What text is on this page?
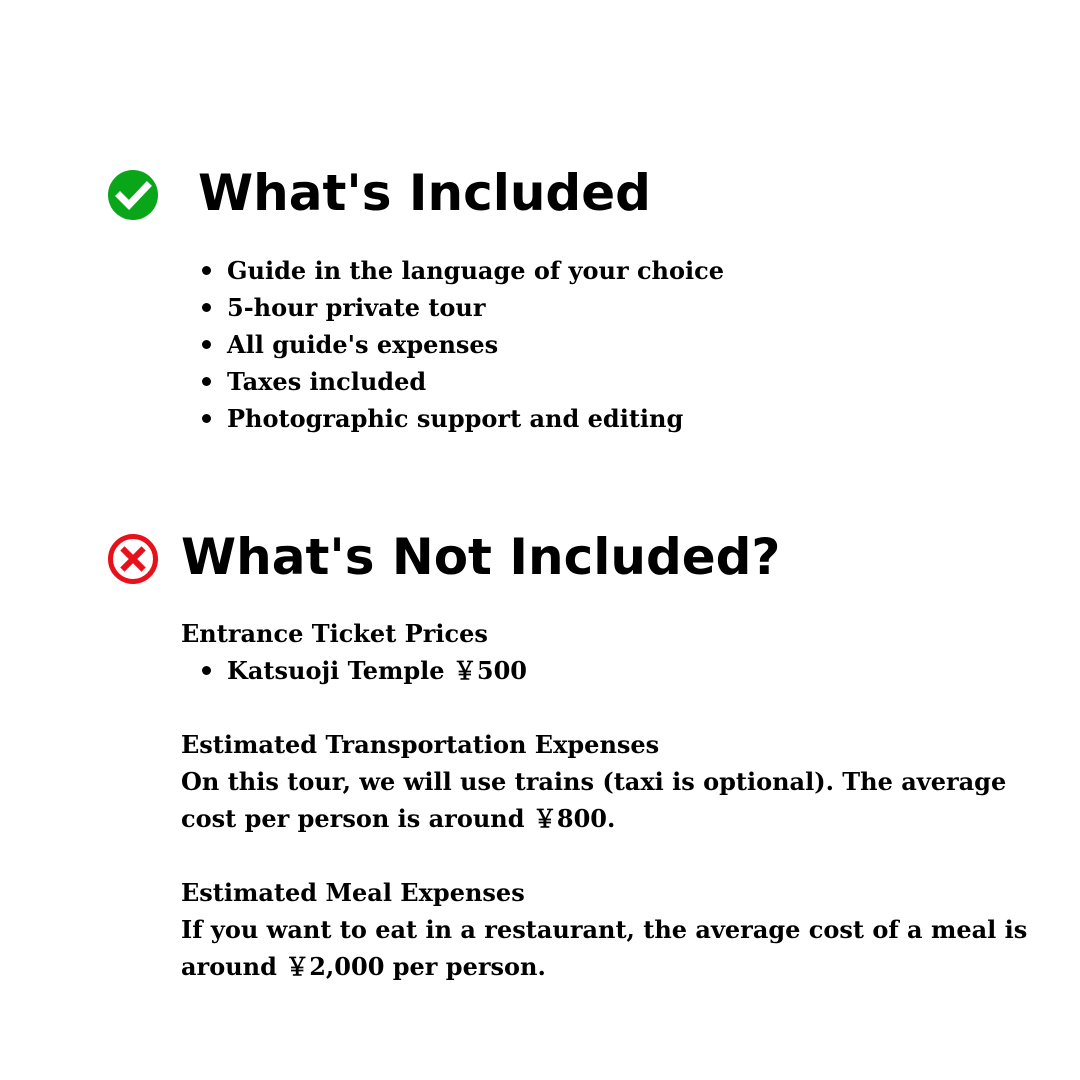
What's Included
Guide in the language of your choice
5-hour private tour
All guide's expenses
Taxes included
Photographic support and editing
What's Not Included?

Entrance Ticket Prices

Katsuoji Temple ￥500

Estimated Transportation Expenses

On this tour, we will use trains (taxi is optional). The average cost per person is around ￥800.

Estimated Meal Expenses

If you want to eat in a restaurant, the average cost of a meal is around ￥2,000 per person.
